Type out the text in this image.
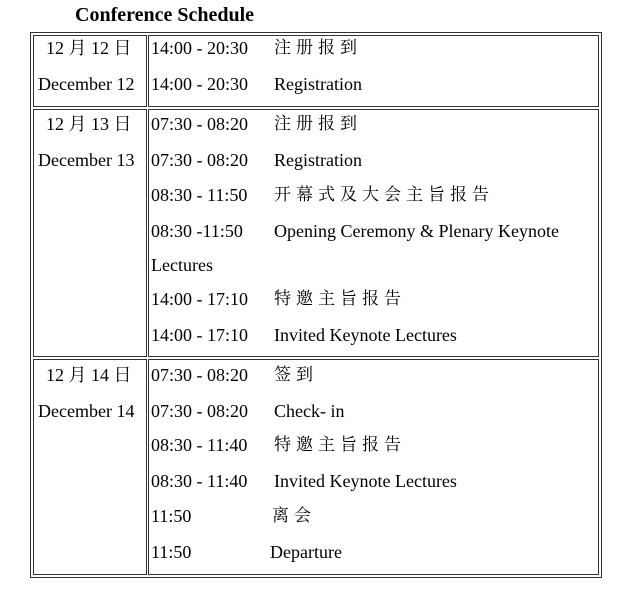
Conference Schedule
12 月 12 日
December 12
14:00 - 20:30 注册报到
14:00 - 20:30 Registration
12 月 13 日
December 13
07:30 - 08:20 注册报到
07:30 - 08:20 Registration
08:30 - 11:50 开幕式及大会主旨报告
08:30 -11:50 Opening Ceremony & Plenary Keynote
Lectures
14:00 - 17:10 特邀主旨报告
14:00 - 17:10 Invited Keynote Lectures
12 月 14 日
December 14
07:30 - 08:20 签到
07:30 - 08:20 Check- in
08:30 - 11:40 特邀主旨报告
08:30 - 11:40 Invited Keynote Lectures
11:50	离会
11:50	Departure
